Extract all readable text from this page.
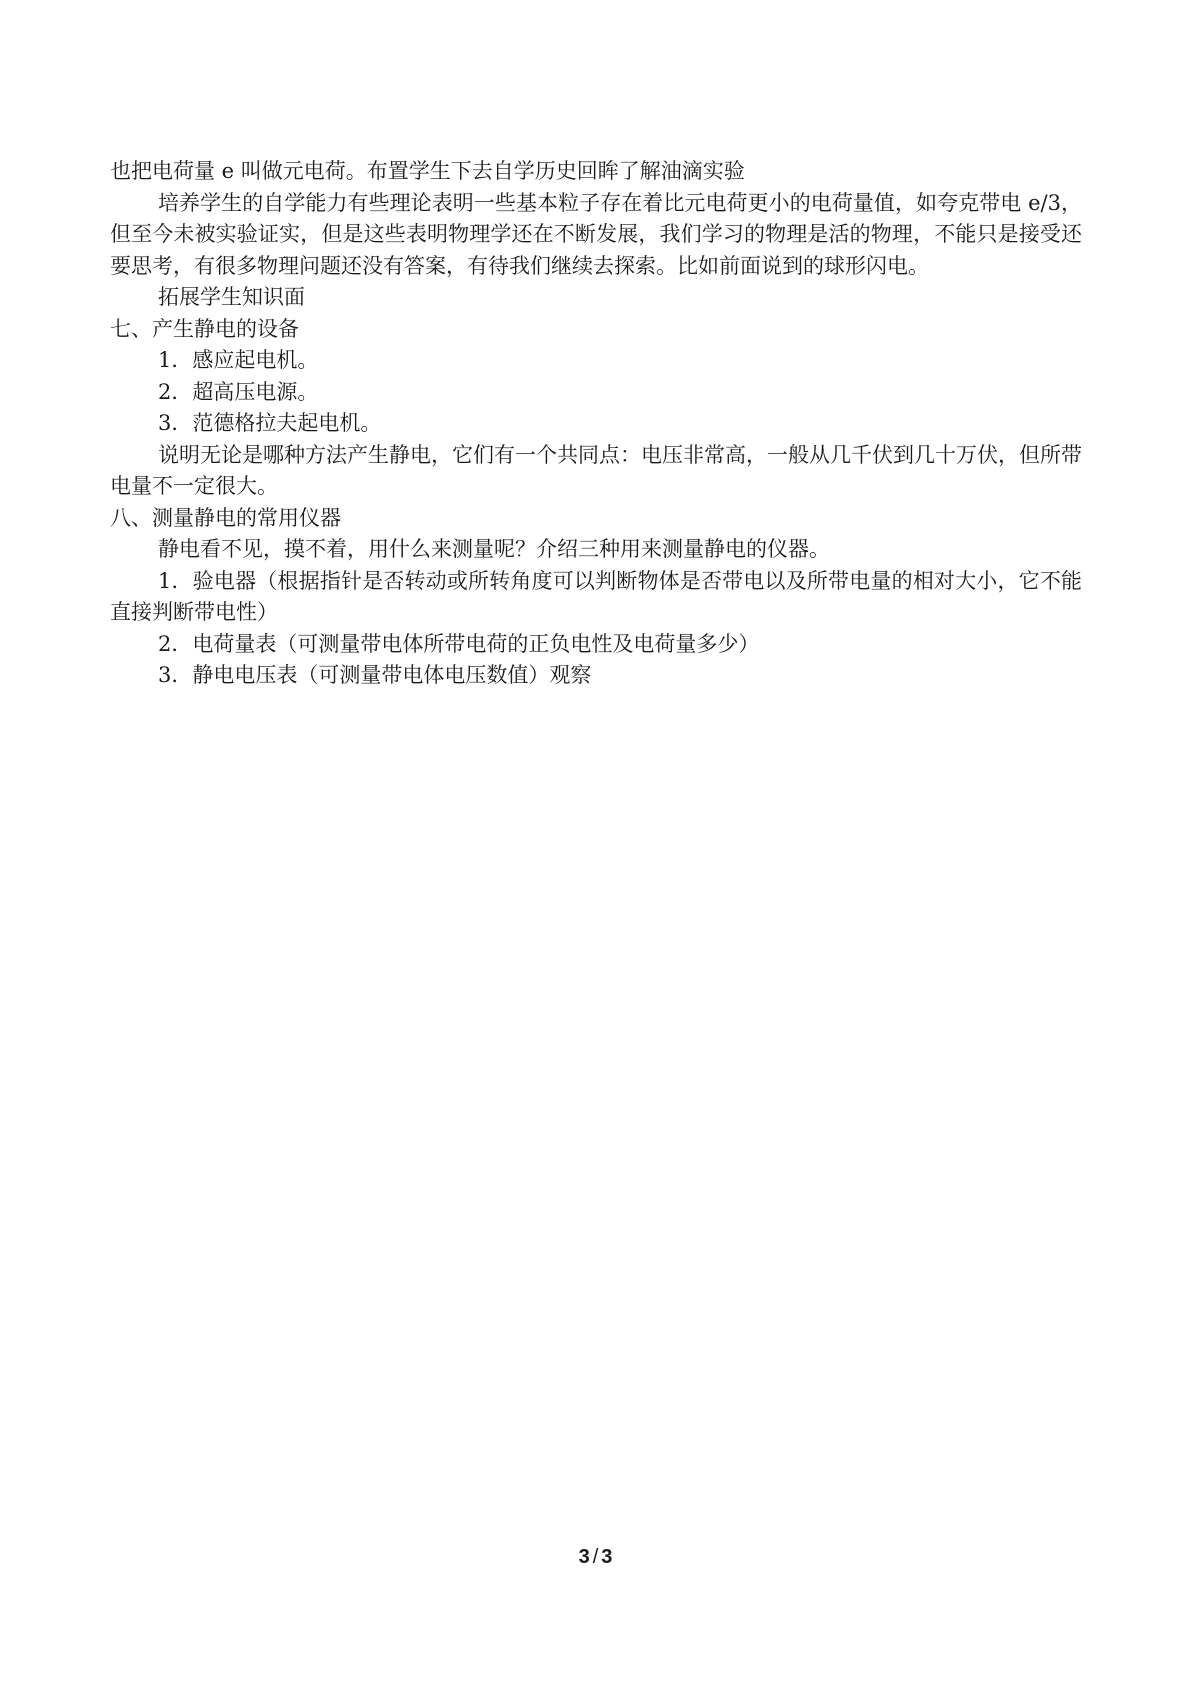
也把电荷量 e 叫做元电荷。布置学生下去自学历史回眸了解油滴实验

培养学生的自学能力有些理论表明一些基本粒子存在着比元电荷更小的电荷量值，如夸克带电 e/3，但至今未被实验证实，但是这些表明物理学还在不断发展，我们学习的物理是活的物理，不能只是接受还要思考，有很多物理问题还没有答案，有待我们继续去探索。比如前面说到的球形闪电。

拓展学生知识面

七、产生静电的设备

1．感应起电机。

2．超高压电源。

3．范德格拉夫起电机。

说明无论是哪种方法产生静电，它们有一个共同点：电压非常高，一般从几千伏到几十万伏，但所带电量不一定很大。

八、测量静电的常用仪器

静电看不见，摸不着，用什么来测量呢？介绍三种用来测量静电的仪器。

1．验电器（根据指针是否转动或所转角度可以判断物体是否带电以及所带电量的相对大小，它不能直接判断带电性）

2．电荷量表（可测量带电体所带电荷的正负电性及电荷量多少）

3．静电电压表（可测量带电体电压数值）观察

3 / 3
